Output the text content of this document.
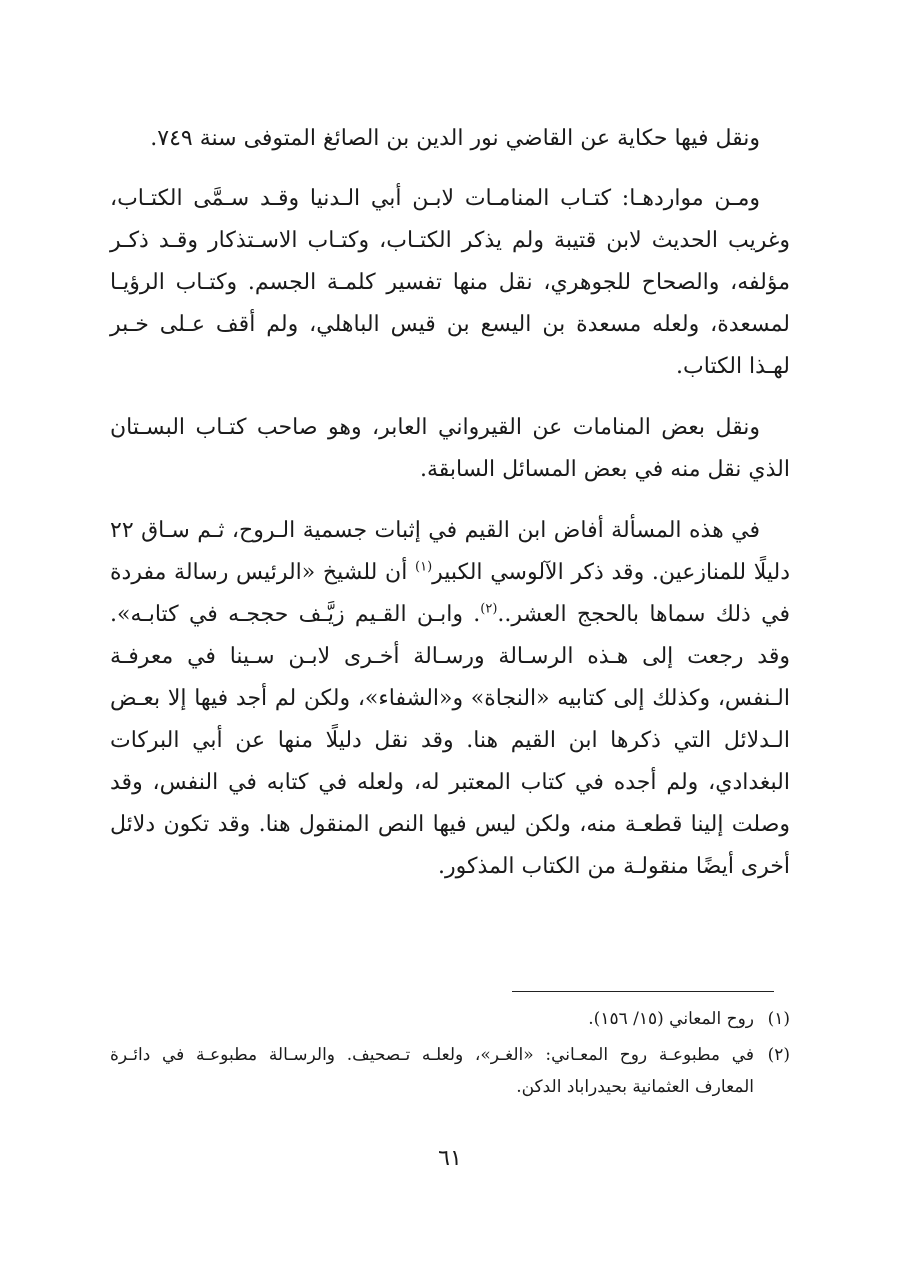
ونقل فيها حكاية عن القاضي نور الدين بن الصائغ المتوفى سنة ٧٤٩.

ومـن مواردهـا: كتـاب المنامـات لابـن أبي الـدنيا وقـد سـمَّى الكتـاب، وغريب الحديث لابن قتيبة ولم يذكر الكتـاب، وكتـاب الاسـتذكار وقـد ذكـر مؤلفه، والصحاح للجوهري، نقل منها تفسير كلمـة الجسم. وكتـاب الرؤيـا لمسعدة، ولعله مسعدة بن اليسع بن قيس الباهلي، ولم أقف عـلى خـبر لهـذا الكتاب.

ونقل بعض المنامات عن القيرواني العابر، وهو صاحب كتـاب البسـتان الذي نقل منه في بعض المسائل السابقة.

في هذه المسألة أفاض ابن القيم في إثبات جسمية الـروح، ثـم سـاق ٢٢ دليلًا للمنازعين. وقد ذكر الآلوسي الكبير$^{(١)}$ أن للشيخ «الرئيس رسالة مفردة في ذلك سماها بالحجج العشر..$^{(٢)}$. وابـن القـيم زيَّـف حججـه في كتابـه». وقد رجعت إلى هـذه الرسـالة ورسـالة أخـرى لابـن سـينا في معرفـة الـنفس، وكذلك إلى كتابيه «النجاة» و«الشفاء»، ولكن لم أجد فيها إلا بعـض الـدلائل التي ذكرها ابن القيم هنا. وقد نقل دليلًا منها عن أبي البركات البغدادي، ولم أجده في كتاب المعتبر له، ولعله في كتابه في النفس، وقد وصلت إلينا قطعـة منه، ولكن ليس فيها النص المنقول هنا. وقد تكون دلائل أخرى أيضًا منقولـة من الكتاب المذكور.

(١)
روح المعاني (١٥/ ١٥٦).
(٢)
في مطبوعـة روح المعـاني: «الغـر»، ولعلـه تـصحيف. والرسـالة مطبوعـة في دائـرة المعارف العثمانية بحيدراباد الدكن.
٦١
